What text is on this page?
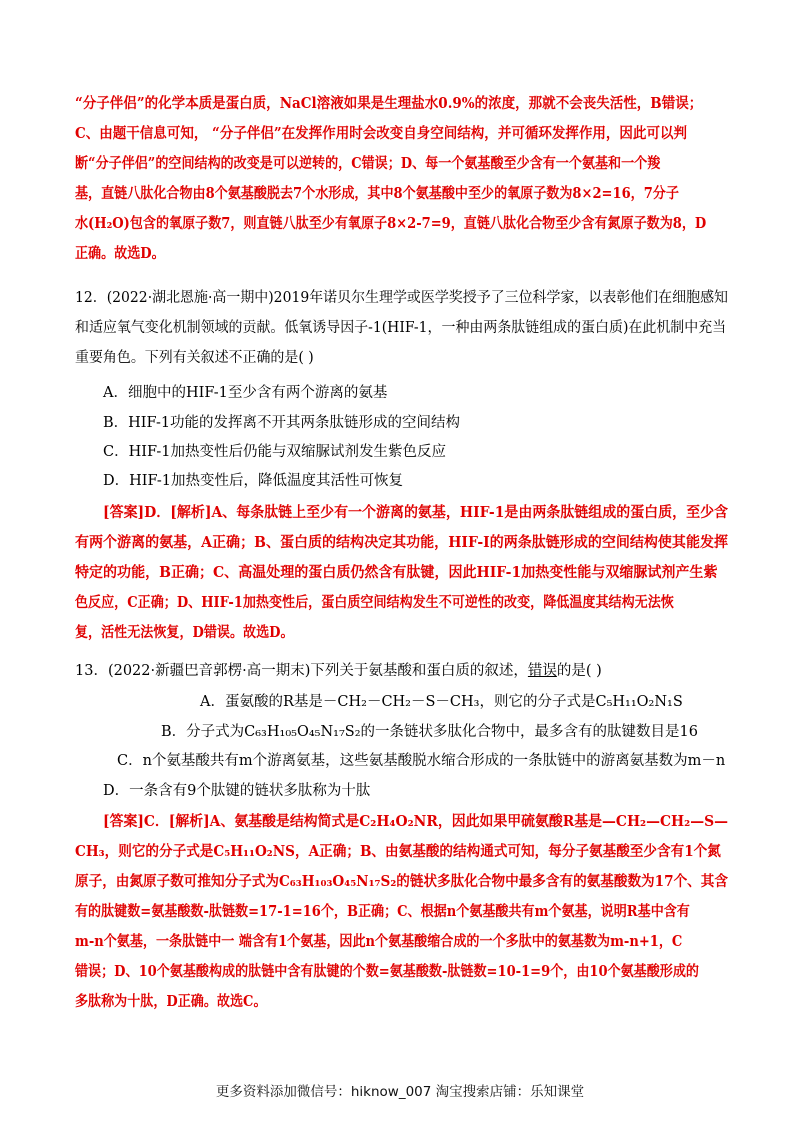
“分子伴侣”的化学本质是蛋白质，NaCl溶液如果是生理盐水0.9%的浓度，那就不会丧失活性，B错误； C、由题干信息可知， “分子伴侣”在发挥作用时会改变自身空间结构，并可循环发挥作用，因此可以判 断“分子伴侣”的空间结构的改变是可以逆转的，C错误；D、每一个氨基酸至少含有一个氨基和一个羧 基，直链八肽化合物由8个氨基酸脱去7个水形成，其中8个氨基酸中至少的氧原子数为8×2=16，7分子 水(H₂O)包含的氧原子数7，则直链八肽至少有氧原子8×2-7=9，直链八肽化合物至少含有氮原子数为8，D 正确。故选D。
12．(2022·湖北恩施·高一期中)2019年诺贝尔生理学或医学奖授予了三位科学家，以表彰他们在细胞感知
和适应氧气变化机制领域的贡献。低氧诱导因子-1(HIF-1，一种由两条肽链组成的蛋白质)在此机制中充当
重要角色。下列有关叙述不正确的是( )
A．细胞中的HIF-1至少含有两个游离的氨基
B．HIF-1功能的发挥离不开其两条肽链形成的空间结构
C．HIF-1加热变性后仍能与双缩脲试剂发生紫色反应
D．HIF-1加热变性后，降低温度其活性可恢复
[答案]D．[解析]A、每条肽链上至少有一个游离的氨基，HIF-1是由两条肽链组成的蛋白质，至少含
有两个游离的氨基，A正确；B、蛋白质的结构决定其功能，HIF-I的两条肽链形成的空间结构使其能发挥 特定的功能，B正确；C、高温处理的蛋白质仍然含有肽键，因此HIF-1加热变性能与双缩脲试剂产生紫 色反应，C正确；D、HIF-1加热变性后，蛋白质空间结构发生不可逆性的改变，降低温度其结构无法恢 复，活性无法恢复，D错误。故选D。
13．(2022·新疆巴音郭楞·高一期末)下列关于氨基酸和蛋白质的叙述，错误的是( )
A．蛋氨酸的R基是－CH₂－CH₂－S－CH₃，则它的分子式是C₅H₁₁O₂N₁S
B．分子式为C₆₃H₁₀₅O₄₅N₁₇S₂的一条链状多肽化合物中，最多含有的肽键数目是16
C．n个氨基酸共有m个游离氨基，这些氨基酸脱水缩合形成的一条肽链中的游离氨基数为m－n
D．一条含有9个肽键的链状多肽称为十肽
[答案]C．[解析]A、氨基酸是结构简式是C₂H₄O₂NR，因此如果甲硫氨酸R基是—CH₂—CH₂—S—
CH₃，则它的分子式是C₅H₁₁O₂NS，A正确；B、由氨基酸的结构通式可知，每分子氨基酸至少含有1个氮 原子，由氮原子数可推知分子式为C₆₃H₁₀₃O₄₅N₁₇S₂的链状多肽化合物中最多含有的氨基酸数为17个、其含 有的肽键数=氨基酸数-肽链数=17-1=16个，B正确；C、根据n个氨基酸共有m个氨基，说明R基中含有 m-n个氨基，一条肽链中一 端含有1个氨基，因此n个氨基酸缩合成的一个多肽中的氨基数为m-n+1，C 错误；D、10个氨基酸构成的肽链中含有肽键的个数=氨基酸数-肽链数=10-1=9个，由10个氨基酸形成的 多肽称为十肽，D正确。故选C。
更多资料添加微信号：hiknow_007 淘宝搜索店铺：乐知课堂
